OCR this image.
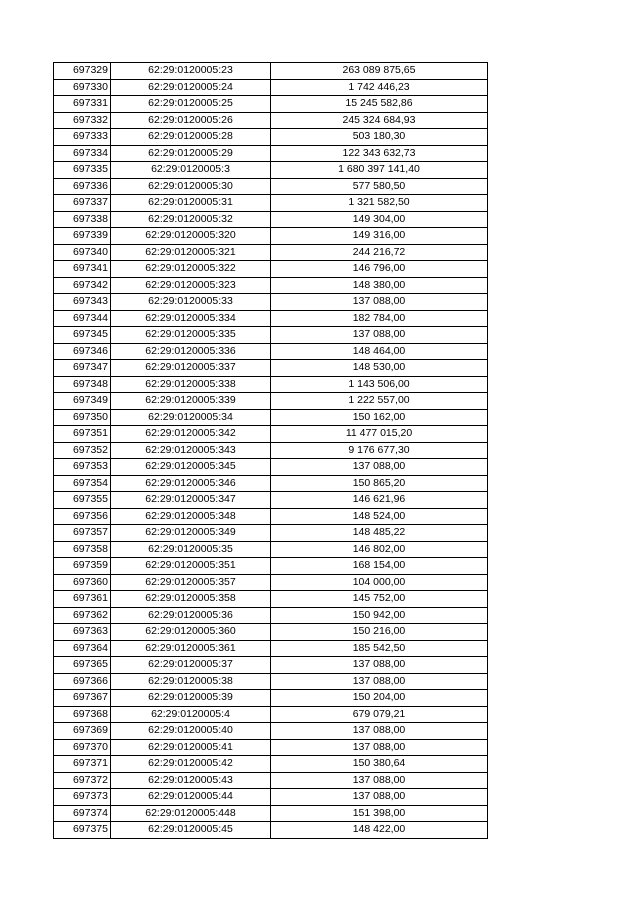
697329	62:29:0120005:23	263 089 875,65
697330	62:29:0120005:24	1 742 446,23
697331	62:29:0120005:25	15 245 582,86
697332	62:29:0120005:26	245 324 684,93
697333	62:29:0120005:28	503 180,30
697334	62:29:0120005:29	122 343 632,73
697335	62:29:0120005:3	1 680 397 141,40
697336	62:29:0120005:30	577 580,50
697337	62:29:0120005:31	1 321 582,50
697338	62:29:0120005:32	149 304,00
697339	62:29:0120005:320	149 316,00
697340	62:29:0120005:321	244 216,72
697341	62:29:0120005:322	146 796,00
697342	62:29:0120005:323	148 380,00
697343	62:29:0120005:33	137 088,00
697344	62:29:0120005:334	182 784,00
697345	62:29:0120005:335	137 088,00
697346	62:29:0120005:336	148 464,00
697347	62:29:0120005:337	148 530,00
697348	62:29:0120005:338	1 143 506,00
697349	62:29:0120005:339	1 222 557,00
697350	62:29:0120005:34	150 162,00
697351	62:29:0120005:342	11 477 015,20
697352	62:29:0120005:343	9 176 677,30
697353	62:29:0120005:345	137 088,00
697354	62:29:0120005:346	150 865,20
697355	62:29:0120005:347	146 621,96
697356	62:29:0120005:348	148 524,00
697357	62:29:0120005:349	148 485,22
697358	62:29:0120005:35	146 802,00
697359	62:29:0120005:351	168 154,00
697360	62:29:0120005:357	104 000,00
697361	62:29:0120005:358	145 752,00
697362	62:29:0120005:36	150 942,00
697363	62:29:0120005:360	150 216,00
697364	62:29:0120005:361	185 542,50
697365	62:29:0120005:37	137 088,00
697366	62:29:0120005:38	137 088,00
697367	62:29:0120005:39	150 204,00
697368	62:29:0120005:4	679 079,21
697369	62:29:0120005:40	137 088,00
697370	62:29:0120005:41	137 088,00
697371	62:29:0120005:42	150 380,64
697372	62:29:0120005:43	137 088,00
697373	62:29:0120005:44	137 088,00
697374	62:29:0120005:448	151 398,00
697375	62:29:0120005:45	148 422,00
